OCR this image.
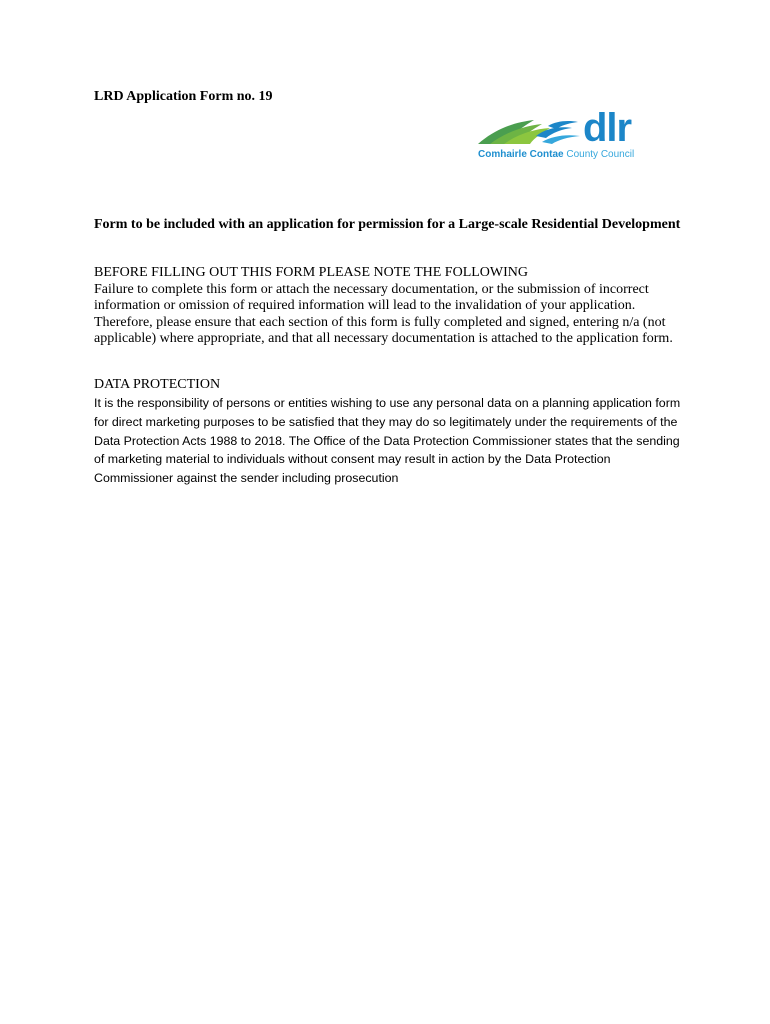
LRD Application Form no. 19
dlr
Comhairle Contae County Council
Form to be included with an application for permission for a Large-scale Residential Development
BEFORE FILLING OUT THIS FORM PLEASE NOTE THE FOLLOWING
Failure to complete this form or attach the necessary documentation, or the submission of incorrect information or omission of required information will lead to the invalidation of your application. Therefore, please ensure that each section of this form is fully completed and signed, entering n/a (not applicable) where appropriate, and that all necessary documentation is attached to the application form.
DATA PROTECTION
It is the responsibility of persons or entities wishing to use any personal data on a planning application form for direct marketing purposes to be satisfied that they may do so legitimately under the requirements of the Data Protection Acts 1988 to 2018. The Office of the Data Protection Commissioner states that the sending of marketing material to individuals without consent may result in action by the Data Protection Commissioner against the sender including prosecution
